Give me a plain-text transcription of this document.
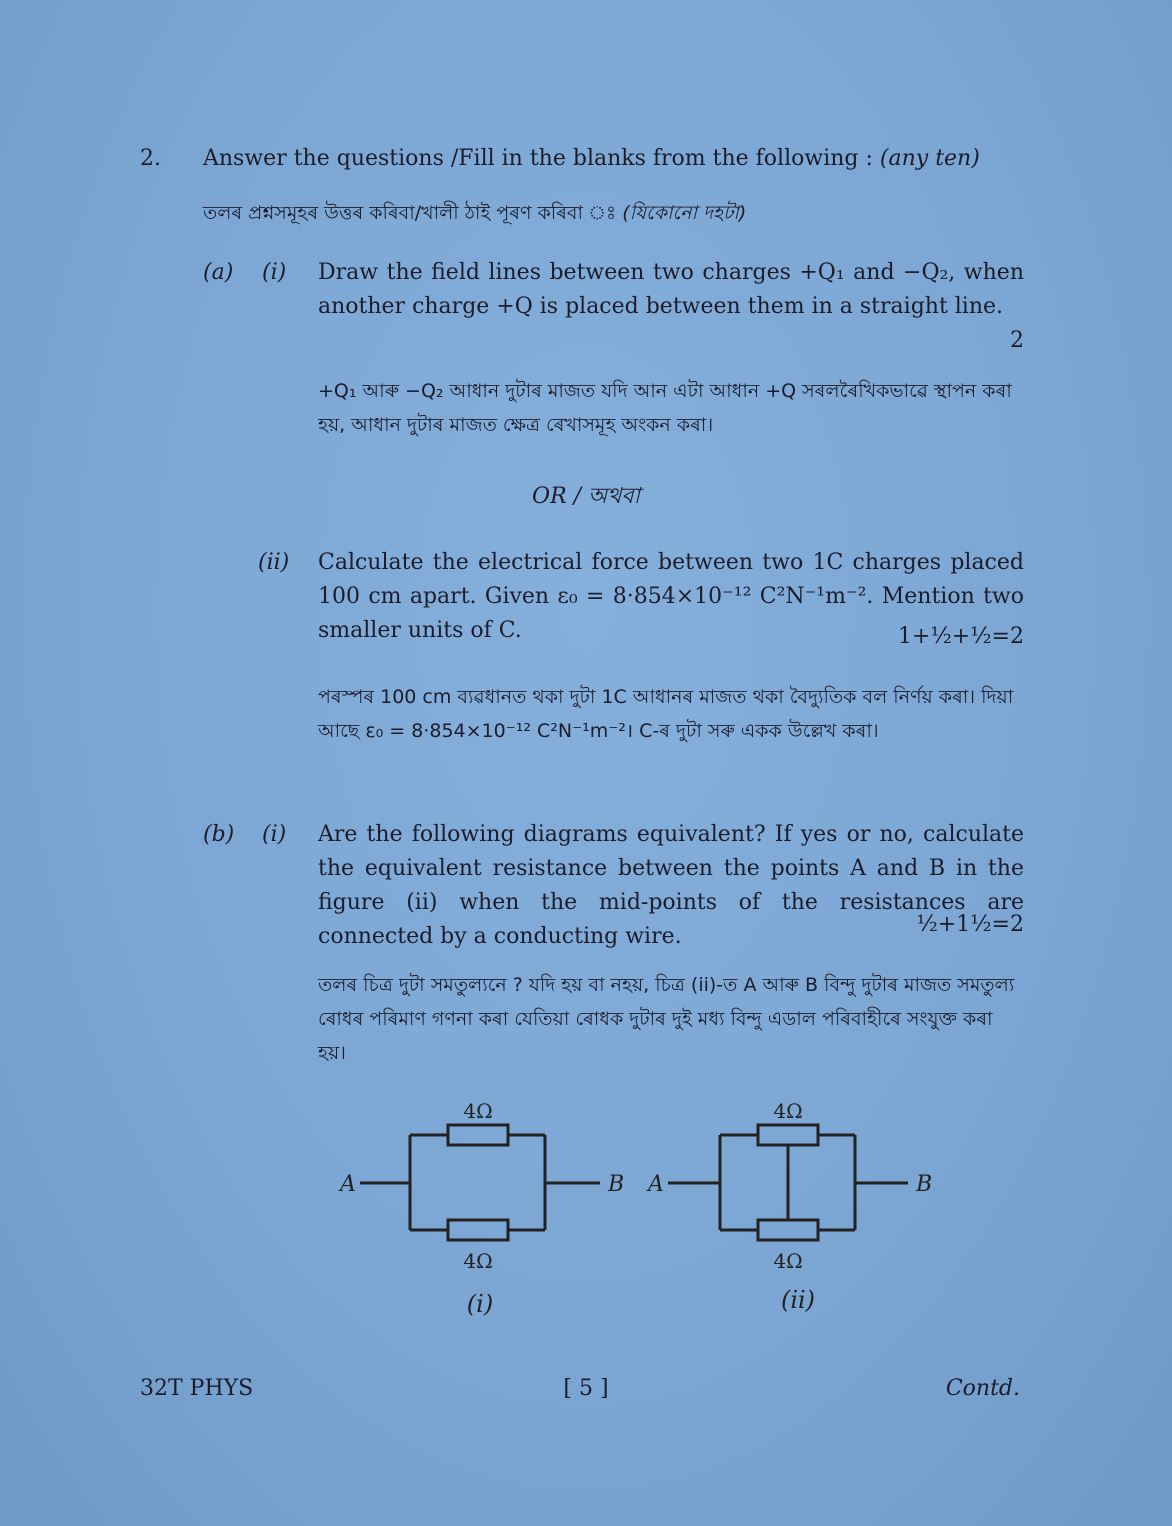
2. Answer the questions /Fill in the blanks from the following : (any ten)
তলৰ প্ৰশ্নসমূহৰ উত্তৰ কৰিবা/খালী ঠাই পূৰণ কৰিবা ঃ (যিকোনো দহটা)
(a) (i) Draw the field lines between two charges +Q₁ and −Q₂, when another charge +Q is placed between them in a straight line.
2
+Q₁ আৰু −Q₂ আধান দুটাৰ মাজত যদি আন এটা আধান +Q সৰলৰৈখিকভাৱে স্থাপন কৰা হয়, আধান দুটাৰ মাজত ক্ষেত্ৰ ৰেখাসমূহ অংকন কৰা।
OR / অথবা
(ii) Calculate the electrical force between two 1C charges placed 100 cm apart. Given ε₀ = 8·854×10⁻¹² C²N⁻¹m⁻². Mention two smaller units of C.	1+½+½=2
পৰস্পৰ 100 cm ব্যৱধানত থকা দুটা 1C আধানৰ মাজত থকা বৈদ্যুতিক বল নিৰ্ণয় কৰা। দিয়া আছে ε₀ = 8·854×10⁻¹² C²N⁻¹m⁻²। C-ৰ দুটা সৰু একক উল্লেখ কৰা।
(b) (i) Are the following diagrams equivalent? If yes or no, calculate the equivalent resistance between the points A and B in the figure (ii) when the mid-points of the resistances are connected by a conducting wire.	½+1½=2
তলৰ চিত্ৰ দুটা সমতুল্যনে ? যদি হয় বা নহয়, চিত্ৰ (ii)-ত A আৰু B বিন্দু দুটাৰ মাজত সমতুল্য ৰোধৰ পৰিমাণ গণনা কৰা যেতিয়া ৰোধক দুটাৰ দুই মধ্য বিন্দু এডাল পৰিবাহীৰে সংযুক্ত কৰা হয়।
4Ω
4Ω
A	B
(i)
4Ω
4Ω
A	B
(ii)
32T PHYS	[ 5 ]	Contd.
